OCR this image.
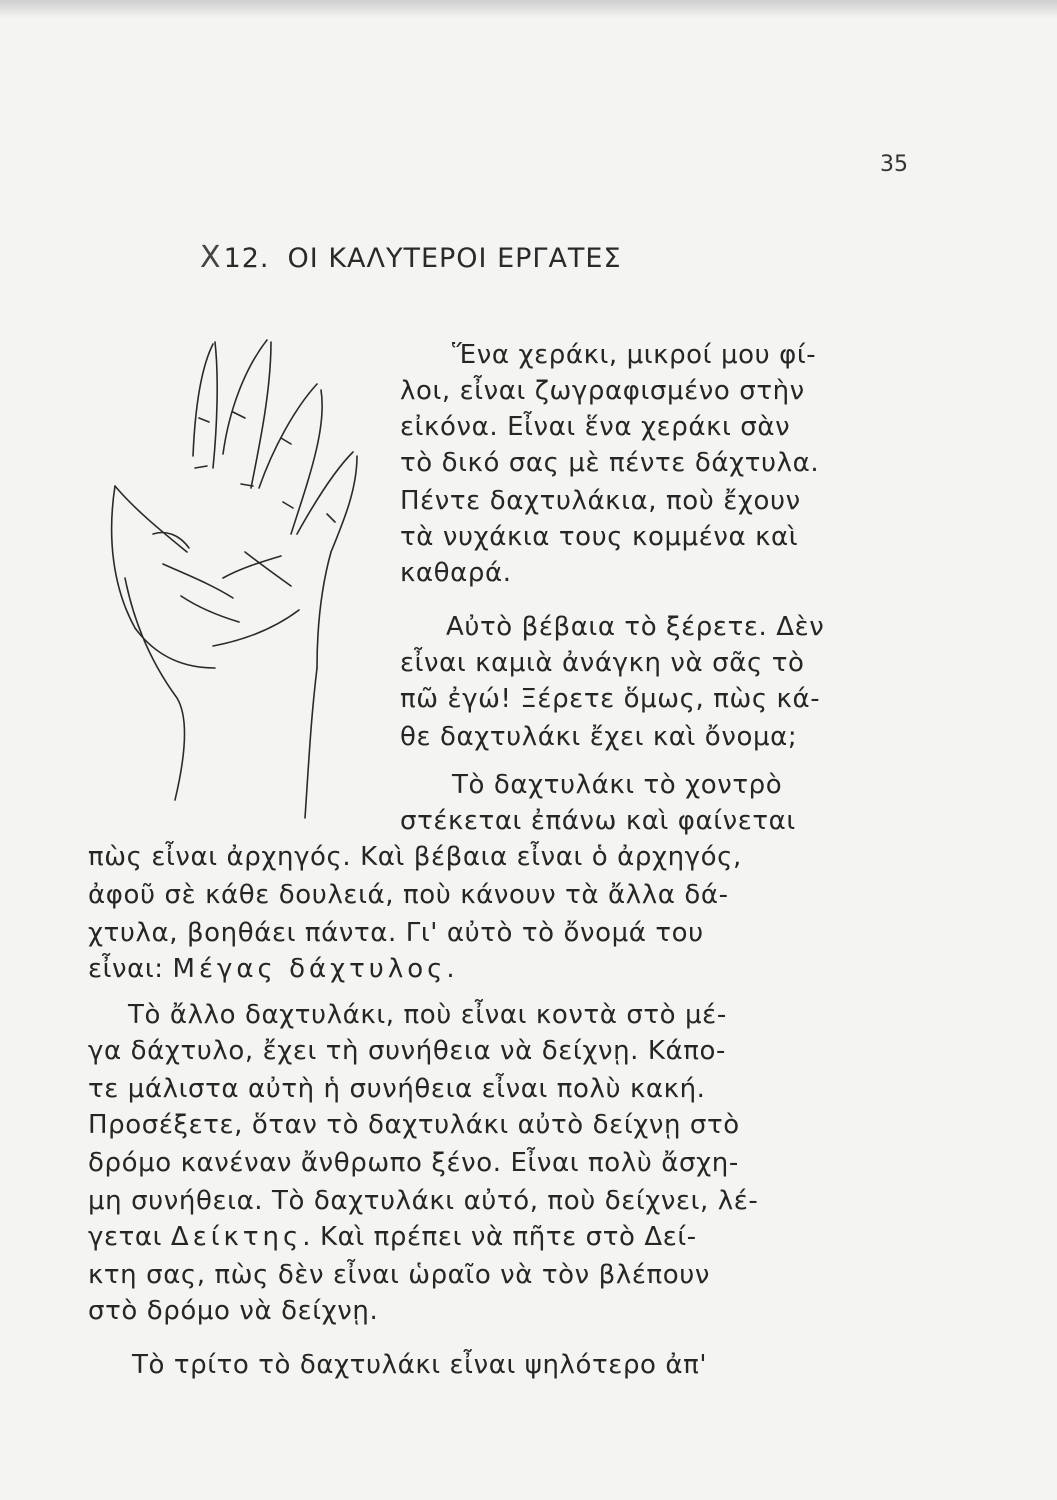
35
X12. ΟΙ ΚΑΛΥΤΕΡΟΙ ΕΡΓΑΤΕΣ
Ἕνα χεράκι, μικροί μου φί-
λοι, εἶναι ζωγραφισμένο στὴν
εἰκόνα. Εἶναι ἕνα χεράκι σὰν
τὸ δικό σας μὲ πέντε δάχτυλα.
Πέντε δαχτυλάκια, ποὺ ἔχουν
τὰ νυχάκια τους κομμένα καὶ
καθαρά.
Αὐτὸ βέβαια τὸ ξέρετε. Δὲν
εἶναι καμιὰ ἀνάγκη νὰ σᾶς τὸ
πῶ ἐγώ! Ξέρετε ὅμως, πὼς κά-
θε δαχτυλάκι ἔχει καὶ ὄνομα;
Τὸ δαχτυλάκι τὸ χοντρὸ
στέκεται ἐπάνω καὶ φαίνεται
πὼς εἶναι ἀρχηγός. Καὶ βέβαια εἶναι ὁ ἀρχηγός,
ἀφοῦ σὲ κάθε δουλειά, ποὺ κάνουν τὰ ἄλλα δά-
χτυλα, βοηθάει πάντα. Γι' αὐτὸ τὸ ὄνομά του
εἶναι: Μέγας δάχτυλος.
Τὸ ἄλλο δαχτυλάκι, ποὺ εἶναι κοντὰ στὸ μέ-
γα δάχτυλο, ἔχει τὴ συνήθεια νὰ δείχνῃ. Κάπο-
τε μάλιστα αὐτὴ ἡ συνήθεια εἶναι πολὺ κακή.
Προσέξετε, ὅταν τὸ δαχτυλάκι αὐτὸ δείχνῃ στὸ
δρόμο κανέναν ἄνθρωπο ξένο. Εἶναι πολὺ ἄσχη-
μη συνήθεια. Τὸ δαχτυλάκι αὐτό, ποὺ δείχνει, λέ-
γεται Δείκτης. Καὶ πρέπει νὰ πῆτε στὸ Δεί-
κτη σας, πὼς δὲν εἶναι ὡραῖο νὰ τὸν βλέπουν
στὸ δρόμο νὰ δείχνῃ.
Τὸ τρίτο τὸ δαχτυλάκι εἶναι ψηλότερο ἀπ'
